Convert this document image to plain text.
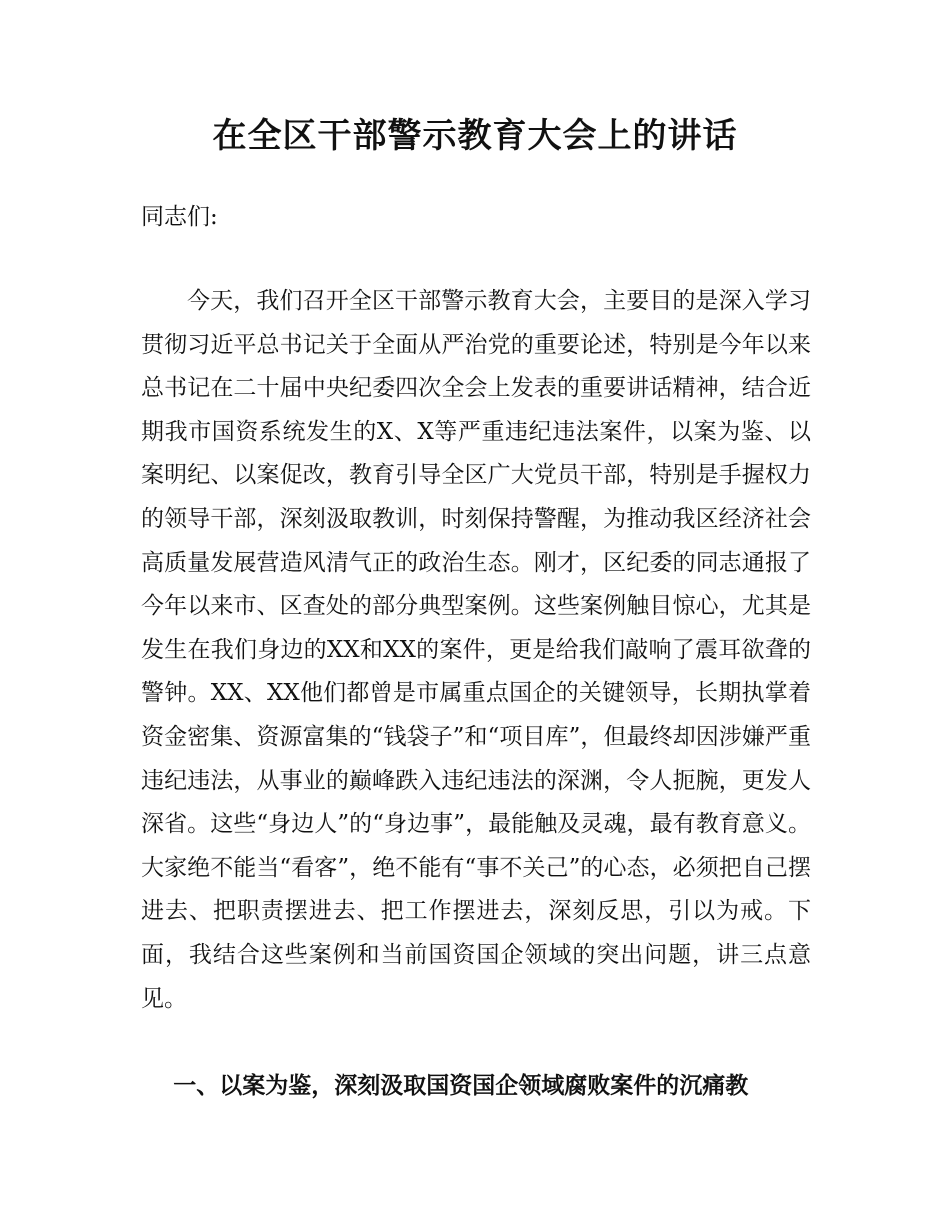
在全区干部警示教育大会上的讲话

同志们:

今天，我们召开全区干部警示教育大会，主要目的是深入学习贯彻习近平总书记关于全面从严治党的重要论述，特别是今年以来总书记在二十届中央纪委四次全会上发表的重要讲话精神，结合近期我市国资系统发生的X、X等严重违纪违法案件，以案为鉴、以案明纪、以案促改，教育引导全区广大党员干部，特别是手握权力的领导干部，深刻汲取教训，时刻保持警醒，为推动我区经济社会高质量发展营造风清气正的政治生态。刚才，区纪委的同志通报了今年以来市、区查处的部分典型案例。这些案例触目惊心，尤其是发生在我们身边的XX和XX的案件，更是给我们敲响了震耳欲聋的警钟。XX、XX他们都曾是市属重点国企的关键领导，长期执掌着资金密集、资源富集的“钱袋子”和“项目库”，但最终却因涉嫌严重违纪违法，从事业的巅峰跌入违纪违法的深渊，令人扼腕，更发人深省。这些“身边人”的“身边事”，最能触及灵魂，最有教育意义。大家绝不能当“看客”，绝不能有“事不关己”的心态，必须把自己摆进去、把职责摆进去、把工作摆进去，深刻反思，引以为戒。下面，我结合这些案例和当前国资国企领域的突出问题，讲三点意见。

一、以案为鉴，深刻汲取国资国企领域腐败案件的沉痛教
